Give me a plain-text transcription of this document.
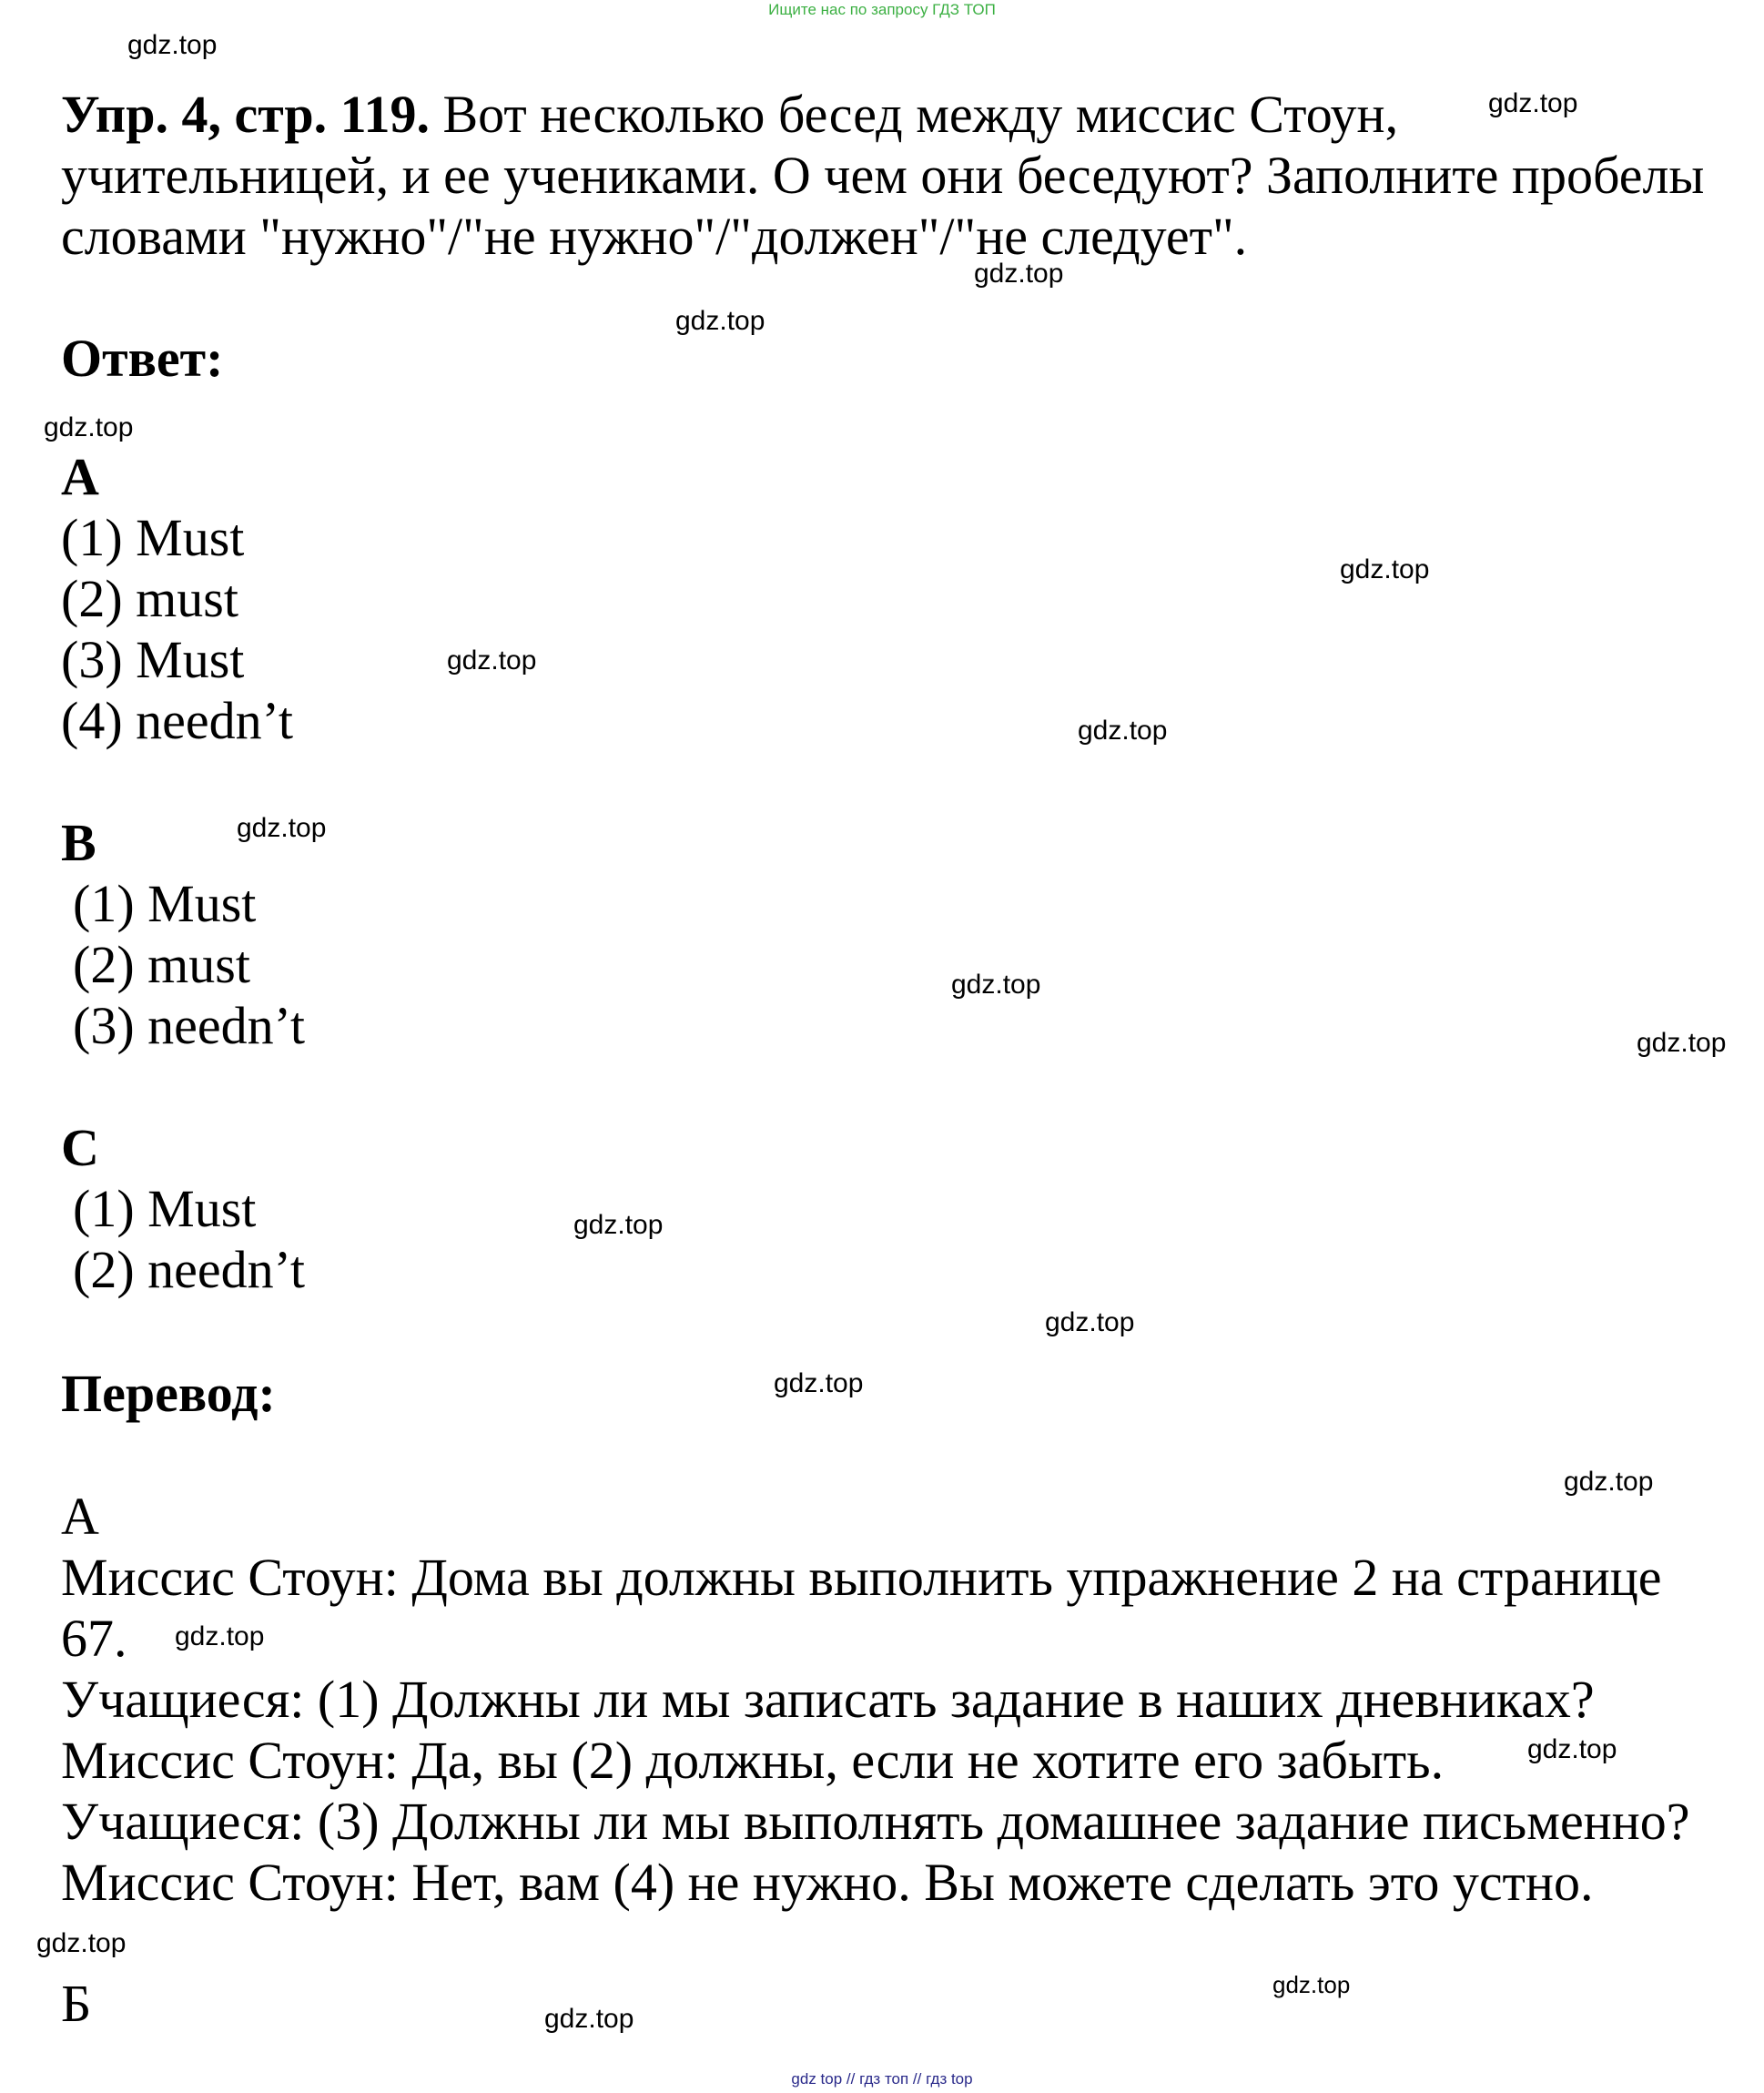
Ищите нас по запросу ГДЗ ТОП
gdz.top
gdz.top
gdz.top
gdz.top
gdz.top
gdz.top
gdz.top
gdz.top
gdz.top
gdz.top
gdz.top
gdz.top
gdz.top
gdz.top
gdz.top
gdz.top
gdz.top
gdz.top
gdz.top
gdz.top
Упр. 4, стр. 119. Вот несколько бесед между миссис Стоун, учительницей, и ее учениками. О чем они беседуют? Заполните пробелы словами "нужно"/"не нужно"/"должен"/"не следует".
Ответ:
A
(1) Must
(2) must
(3) Must
(4) needn’t
B
(1) Must
(2) must
(3) needn’t
C
(1) Must
(2) needn’t
Перевод:
А
Миссис Стоун: Дома вы должны выполнить упражнение 2 на странице 67.
Учащиеся: (1) Должны ли мы записать задание в наших дневниках?
Миссис Стоун: Да, вы (2) должны, если не хотите его забыть.
Учащиеся: (3) Должны ли мы выполнять домашнее задание письменно?
Миссис Стоун: Нет, вам (4) не нужно. Вы можете сделать это устно.
Б
gdz top // гдз топ // гдз top
